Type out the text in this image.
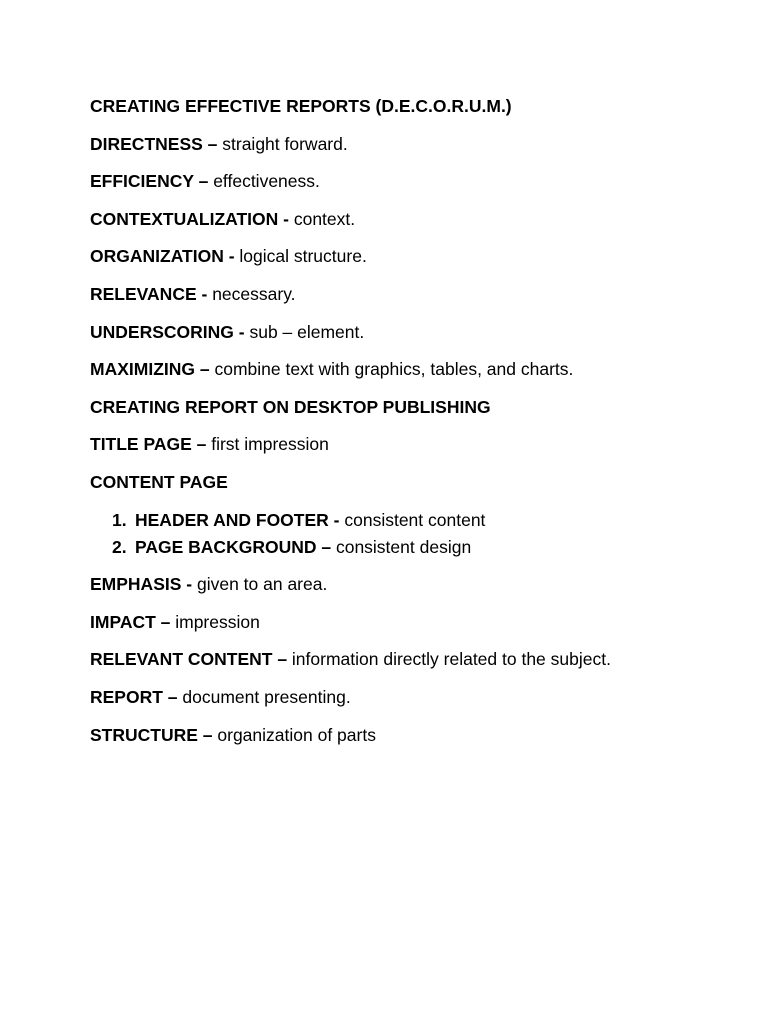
CREATING EFFECTIVE REPORTS (D.E.C.O.R.U.M.)
DIRECTNESS – straight forward.
EFFICIENCY – effectiveness.
CONTEXTUALIZATION - context.
ORGANIZATION - logical structure.
RELEVANCE - necessary.
UNDERSCORING - sub – element.
MAXIMIZING – combine text with graphics, tables, and charts.
CREATING REPORT ON DESKTOP PUBLISHING
TITLE PAGE – first impression
CONTENT PAGE
1. HEADER AND FOOTER - consistent content
2. PAGE BACKGROUND – consistent design
EMPHASIS - given to an area.
IMPACT – impression
RELEVANT CONTENT – information directly related to the subject.
REPORT – document presenting.
STRUCTURE – organization of parts
